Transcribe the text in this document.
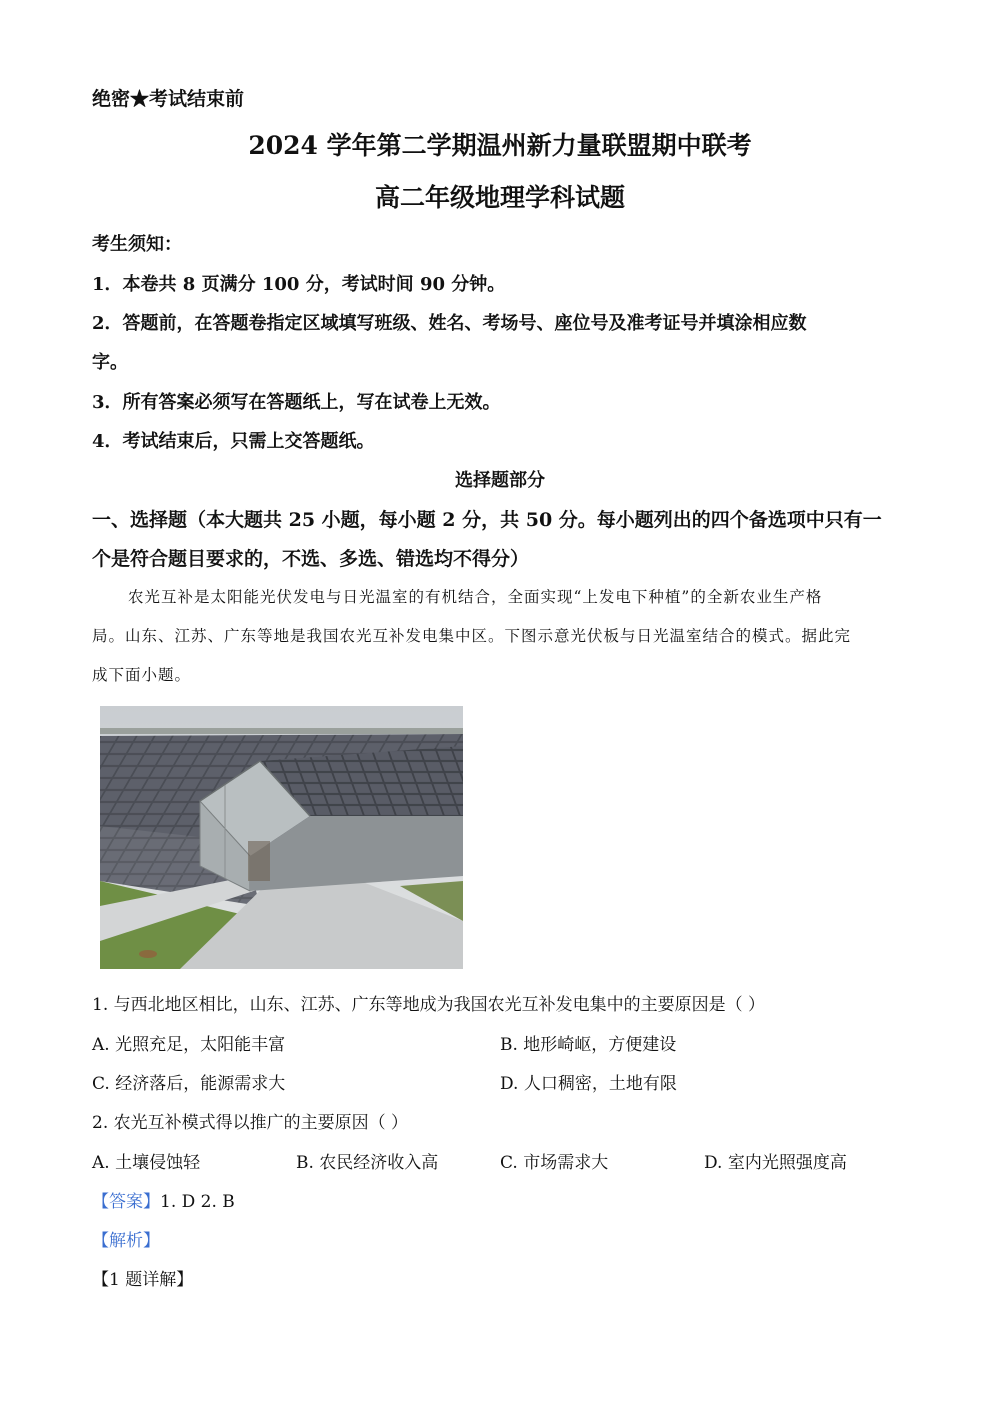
绝密★考试结束前
2024 学年第二学期温州新力量联盟期中联考
高二年级地理学科试题
考生须知：
1．本卷共 8 页满分 100 分，考试时间 90 分钟。
2．答题前，在答题卷指定区域填写班级、姓名、考场号、座位号及准考证号并填涂相应数
字。
3．所有答案必须写在答题纸上，写在试卷上无效。
4．考试结束后，只需上交答题纸。
选择题部分
一、选择题（本大题共 25 小题，每小题 2 分，共 50 分。每小题列出的四个备选项中只有一
个是符合题目要求的，不选、多选、错选均不得分）
农光互补是太阳能光伏发电与日光温室的有机结合，全面实现“上发电下种植”的全新农业生产格
局。山东、江苏、广东等地是我国农光互补发电集中区。下图示意光伏板与日光温室结合的模式。据此完
成下面小题。
1. 与西北地区相比，山东、江苏、广东等地成为我国农光互补发电集中的主要原因是（ ）
A. 光照充足，太阳能丰富	B. 地形崎岖，方便建设
C. 经济落后，能源需求大	D. 人口稠密，土地有限
2. 农光互补模式得以推广的主要原因（ ）
A. 土壤侵蚀轻	B. 农民经济收入高	C. 市场需求大	D. 室内光照强度高
【答案】1. D 2. B
【解析】
【1 题详解】
